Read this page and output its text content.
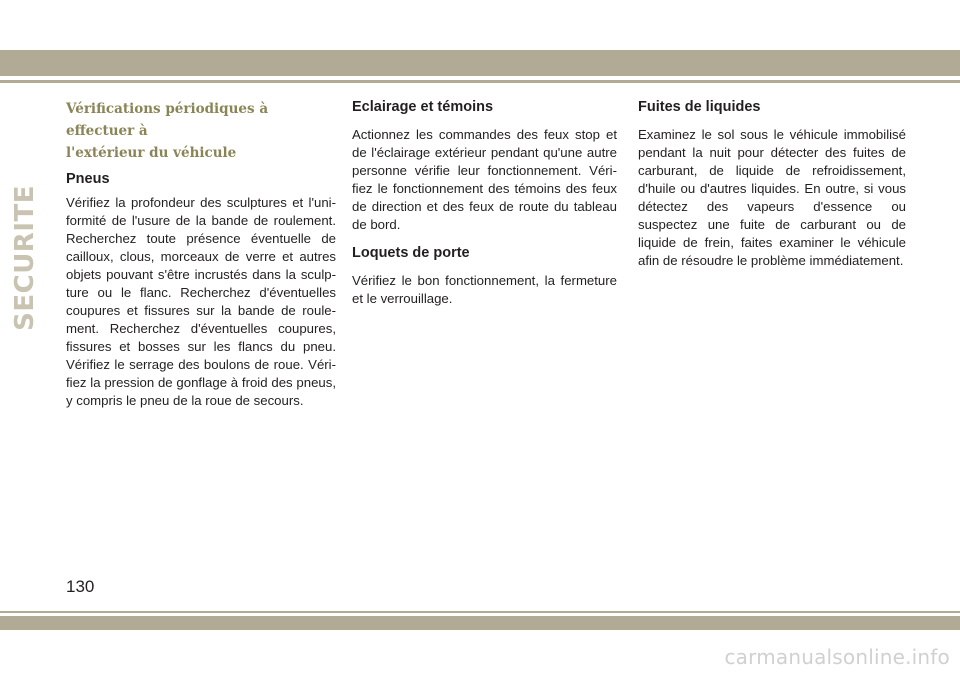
SECURITE
Vérifications périodiques à effectuer à
l'extérieur du véhicule
Pneus

Vérifiez la profondeur des sculptures et l'uni-formité de l'usure de la bande de roulement. Recherchez toute présence éventuelle de cailloux, clous, morceaux de verre et autres objets pouvant s'être incrustés dans la sculp-ture ou le flanc. Recherchez d'éventuelles coupures et fissures sur la bande de roule-ment. Recherchez d'éventuelles coupures, fissures et bosses sur les flancs du pneu. Vérifiez le serrage des boulons de roue. Véri-fiez la pression de gonflage à froid des pneus, y compris le pneu de la roue de secours.

Eclairage et témoins

Actionnez les commandes des feux stop et de l'éclairage extérieur pendant qu'une autre personne vérifie leur fonctionnement. Véri-fiez le fonctionnement des témoins des feux de direction et des feux de route du tableau de bord.

Loquets de porte

Vérifiez le bon fonctionnement, la fermeture et le verrouillage.

Fuites de liquides

Examinez le sol sous le véhicule immobilisé pendant la nuit pour détecter des fuites de carburant, de liquide de refroidissement, d'huile ou d'autres liquides. En outre, si vous détectez des vapeurs d'essence ou suspectez une fuite de carburant ou de liquide de frein, faites examiner le véhicule afin de résoudre le problème immédiatement.

130
carmanualsonline.info
